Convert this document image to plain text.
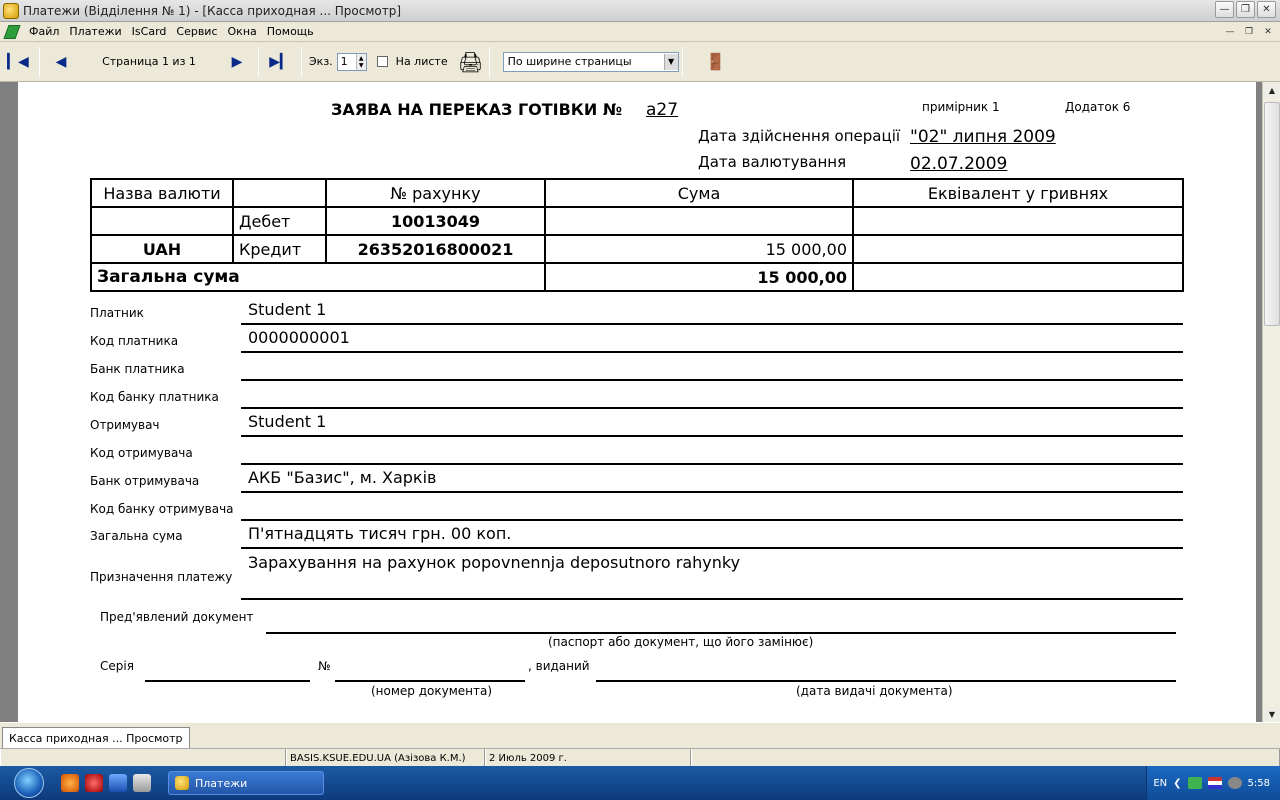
Платежи (Відділення № 1) - [Касса приходная ... Просмотр]	—	❐	✕
Файл Платежи IsCard Сервис Окна Помощь	—	❐	✕
▎◀ ◀	Страница 1 из 1	▶ ▶▎ Экз. 1	▲
▼	На листе 🖨 По ширине страницы	▼ 🚪
ЗАЯВА НА ПЕРЕКАЗ ГОТІВКИ № а27	примірник 1	Додаток 6
Дата здійснення операції "02" липня 2009
Дата валютування	02.07.2009
Назва валюти		№ рахунку	Сума	Еквівалент у гривнях
	Дебет	10013049		
UAH	Кредит	26352016800021	15 000,00	
Загальна сума			15 000,00	
Платник	Student 1
Код платника	0000000001
Банк платника
Код банку платника
Отримувач	Student 1
Код отримувача
Банк отримувача	АКБ "Базис", м. Харків
Код банку отримувача
Загальна сума	П'ятнадцять тисяч грн. 00 коп.
Призначення платежу
Зарахування на рахунок popovnennja deposutnoro rahynky
Пред'явлений документ
(паспорт або документ, що його замінює)
Серія	№	, виданий
(номер документа)	(дата видачі документа)
▲
▼
Касса приходная ... Просмотр
BASIS.KSUE.EDU.UA (Азізова К.М.)	2 Июль 2009 г.
Платежи	EN ❮	5:58
